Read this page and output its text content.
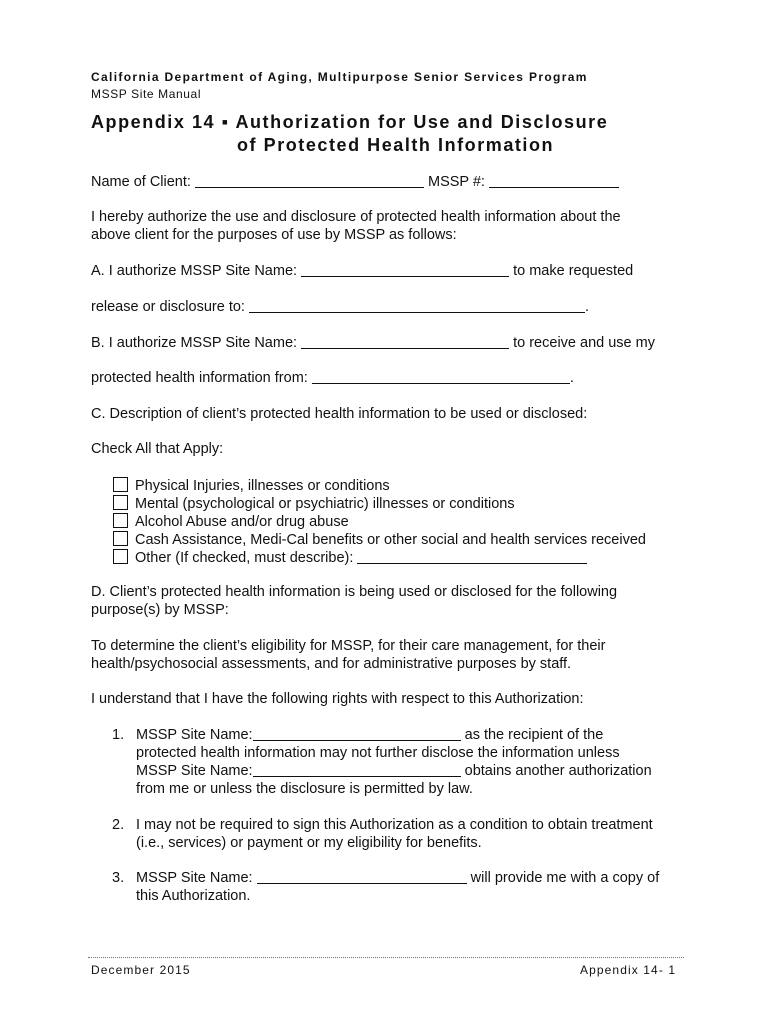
California Department of Aging, Multipurpose Senior Services Program
MSSP Site Manual
Appendix 14 ▪ Authorization for Use and Disclosure
of Protected Health Information
Name of Client:	MSSP #:
I hereby authorize the use and disclosure of protected health information about the
above client for the purposes of use by MSSP as follows:
A. I authorize MSSP Site Name:	to make requested
release or disclosure to:	.
B. I authorize MSSP Site Name:	to receive and use my
protected health information from:	.
C. Description of client’s protected health information to be used or disclosed:
Check All that Apply:
Physical Injuries, illnesses or conditions
Mental (psychological or psychiatric) illnesses or conditions
Alcohol Abuse and/or drug abuse
Cash Assistance, Medi-Cal benefits or other social and health services received
Other (If checked, must describe):
D. Client’s protected health information is being used or disclosed for the following
purpose(s) by MSSP:
To determine the client’s eligibility for MSSP, for their care management, for their
health/psychosocial assessments, and for administrative purposes by staff.
I understand that I have the following rights with respect to this Authorization:
1. MSSP Site Name:	as the recipient of the
protected health information may not further disclose the information unless
MSSP Site Name:	obtains another authorization
from me or unless the disclosure is permitted by law.
2. I may not be required to sign this Authorization as a condition to obtain treatment
(i.e., services) or payment or my eligibility for benefits.
3. MSSP Site Name:	will provide me with a copy of
this Authorization.
December 2015	Appendix 14- 1
